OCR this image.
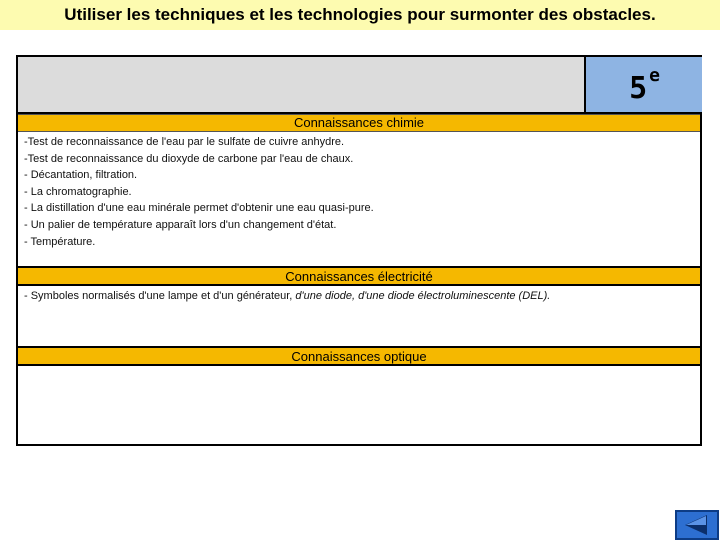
Utiliser les techniques et les technologies pour surmonter des obstacles.
5 $^e$
Connaissances chimie
-Test de reconnaissance de l'eau par le sulfate de cuivre anhydre.
-Test de reconnaissance du dioxyde de carbone par l'eau de chaux.
- Décantation, filtration.
- La chromatographie.
- La distillation d'une eau minérale permet d'obtenir une eau quasi-pure.
- Un palier de température apparaît lors d'un changement d'état.
- Température.
Connaissances électricité
- Symboles normalisés d'une lampe et d'un générateur, d'une diode, d'une diode électroluminescente (DEL).
Connaissances optique
